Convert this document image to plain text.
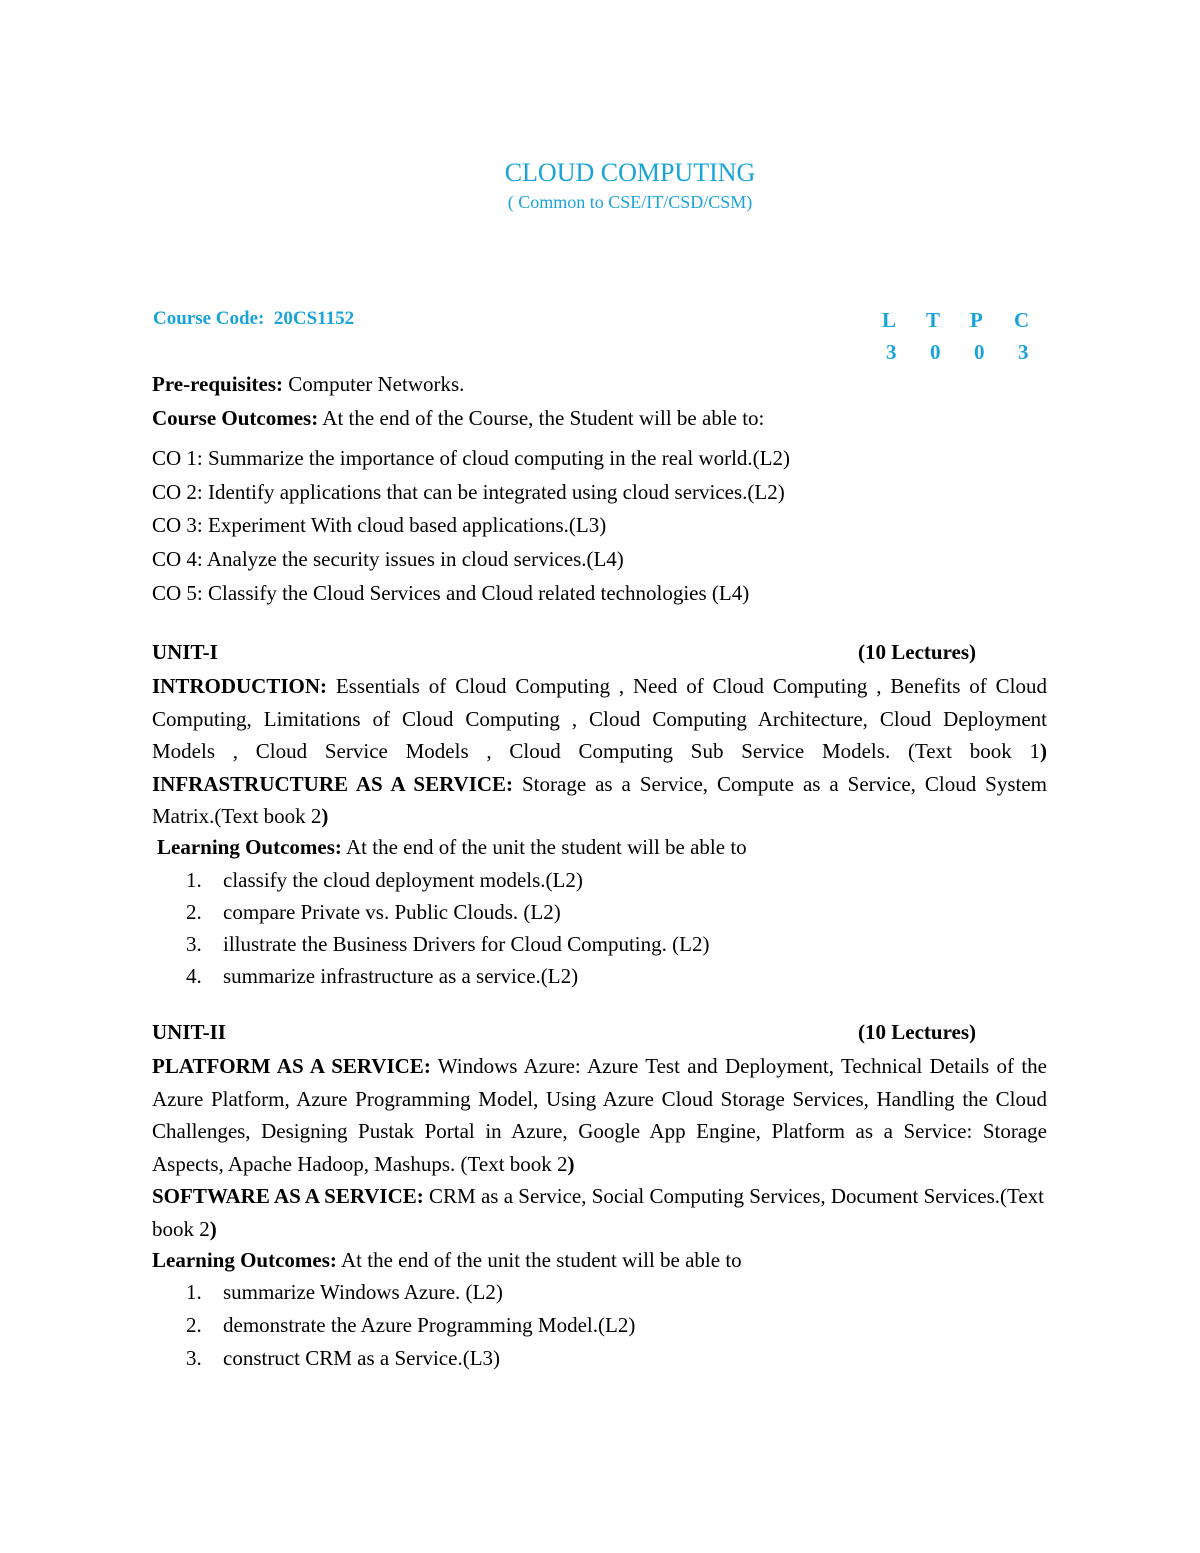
CLOUD COMPUTING
( Common to CSE/IT/CSD/CSM)
Course Code: 20CS1152	L	T	P	C
3	0	0	3
Pre-requisites: Computer Networks.
Course Outcomes: At the end of the Course, the Student will be able to:
CO 1: Summarize the importance of cloud computing in the real world.(L2)
CO 2: Identify applications that can be integrated using cloud services.(L2)
CO 3: Experiment With cloud based applications.(L3)
CO 4: Analyze the security issues in cloud services.(L4)
CO 5: Classify the Cloud Services and Cloud related technologies (L4)
UNIT-I	(10 Lectures)
INTRODUCTION: Essentials of Cloud Computing , Need of Cloud Computing , Benefits of Cloud Computing, Limitations of Cloud Computing , Cloud Computing Architecture, Cloud Deployment Models , Cloud Service Models , Cloud Computing Sub Service Models. (Text book 1) INFRASTRUCTURE AS A SERVICE: Storage as a Service, Compute as a Service, Cloud System Matrix.(Text book 2)
Learning Outcomes: At the end of the unit the student will be able to
1. classify the cloud deployment models.(L2)
2. compare Private vs. Public Clouds. (L2)
3. illustrate the Business Drivers for Cloud Computing. (L2)
4. summarize infrastructure as a service.(L2)
UNIT-II	(10 Lectures)
PLATFORM AS A SERVICE: Windows Azure: Azure Test and Deployment, Technical Details of the Azure Platform, Azure Programming Model, Using Azure Cloud Storage Services, Handling the Cloud Challenges, Designing Pustak Portal in Azure, Google App Engine, Platform as a Service: Storage Aspects, Apache Hadoop, Mashups. (Text book 2)
SOFTWARE AS A SERVICE: CRM as a Service, Social Computing Services, Document Services.(Text book 2)
Learning Outcomes: At the end of the unit the student will be able to
1. summarize Windows Azure. (L2)
2. demonstrate the Azure Programming Model.(L2)
3. construct CRM as a Service.(L3)
